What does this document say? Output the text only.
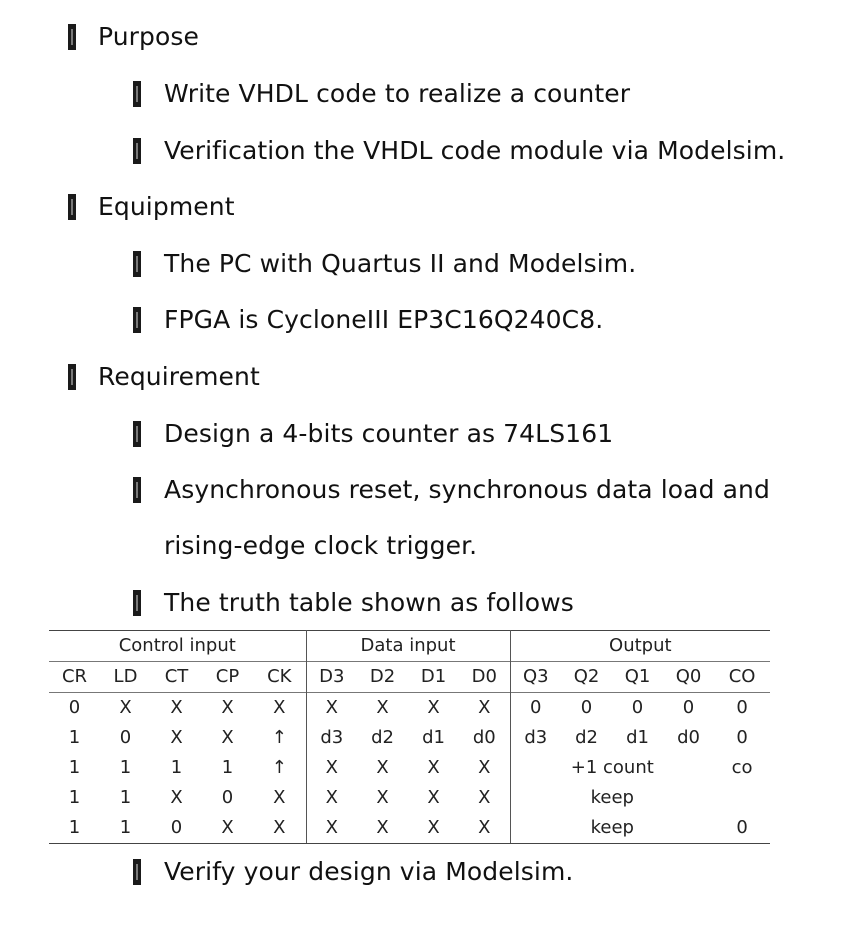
Purpose
Write VHDL code to realize a counter
Verification the VHDL code module via Modelsim.
Equipment
The PC with Quartus II and Modelsim.
FPGA is CycloneIII EP3C16Q240C8.
Requirement
Design a 4-bits counter as 74LS161
Asynchronous reset, synchronous data load and
rising-edge clock trigger.
The truth table shown as follows
Control input					Data input				Output				
CR	LD	CT	CP	CK	D3	D2	D1	D0	Q3	Q2	Q1	Q0	CO
0	X	X	X	X	X	X	X	X	0	0	0	0	0
1	0	X	X	↑	d3	d2	d1	d0	d3	d2	d1	d0	0
1	1	1	1	↑	X	X	X	X	+1 count				co
1	1	X	0	X	X	X	X	X	keep				
1	1	0	X	X	X	X	X	X	keep				0
Verify your design via Modelsim.
